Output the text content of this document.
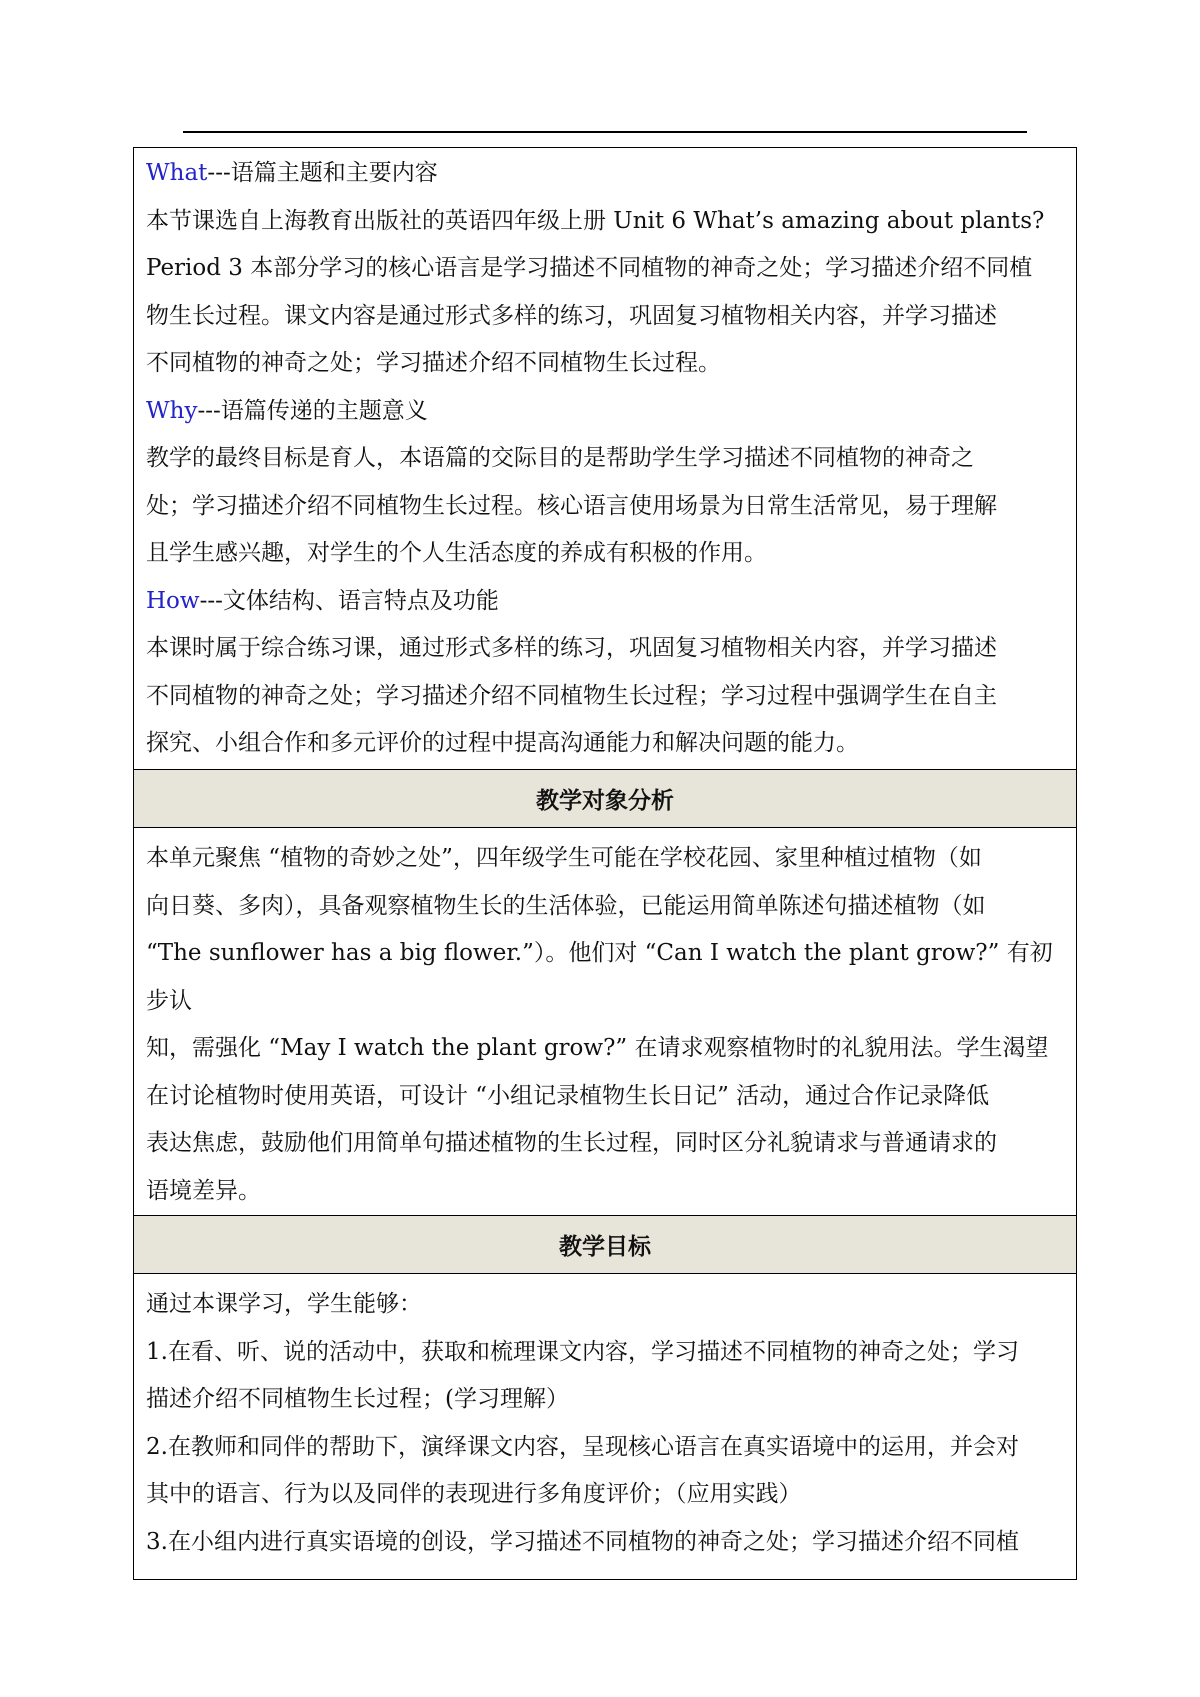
What---语篇主题和主要内容

本节课选自上海教育出版社的英语四年级上册 Unit 6 What’s amazing about plants?

Period 3 本部分学习的核心语言是学习描述不同植物的神奇之处；学习描述介绍不同植

物生长过程。课文内容是通过形式多样的练习，巩固复习植物相关内容，并学习描述

不同植物的神奇之处；学习描述介绍不同植物生长过程。

Why---语篇传递的主题意义

教学的最终目标是育人，本语篇的交际目的是帮助学生学习描述不同植物的神奇之

处；学习描述介绍不同植物生长过程。核心语言使用场景为日常生活常见，易于理解

且学生感兴趣，对学生的个人生活态度的养成有积极的作用。

How---文体结构、语言特点及功能

本课时属于综合练习课，通过形式多样的练习，巩固复习植物相关内容，并学习描述

不同植物的神奇之处；学习描述介绍不同植物生长过程；学习过程中强调学生在自主

探究、小组合作和多元评价的过程中提高沟通能力和解决问题的能力。

教学对象分析

本单元聚焦 “植物的奇妙之处”，四年级学生可能在学校花园、家里种植过植物（如

向日葵、多肉），具备观察植物生长的生活体验，已能运用简单陈述句描述植物（如

“The sunflower has a big flower.”）。他们对 “Can I watch the plant grow?” 有初步认

知，需强化 “May I watch the plant grow?” 在请求观察植物时的礼貌用法。学生渴望

在讨论植物时使用英语，可设计 “小组记录植物生长日记” 活动，通过合作记录降低

表达焦虑，鼓励他们用简单句描述植物的生长过程，同时区分礼貌请求与普通请求的

语境差异。

教学目标

通过本课学习，学生能够：

1.在看、听、说的活动中，获取和梳理课文内容，学习描述不同植物的神奇之处；学习

描述介绍不同植物生长过程；(学习理解）

2.在教师和同伴的帮助下，演绎课文内容，呈现核心语言在真实语境中的运用，并会对

其中的语言、行为以及同伴的表现进行多角度评价；（应用实践）

3.在小组内进行真实语境的创设，学习描述不同植物的神奇之处；学习描述介绍不同植
